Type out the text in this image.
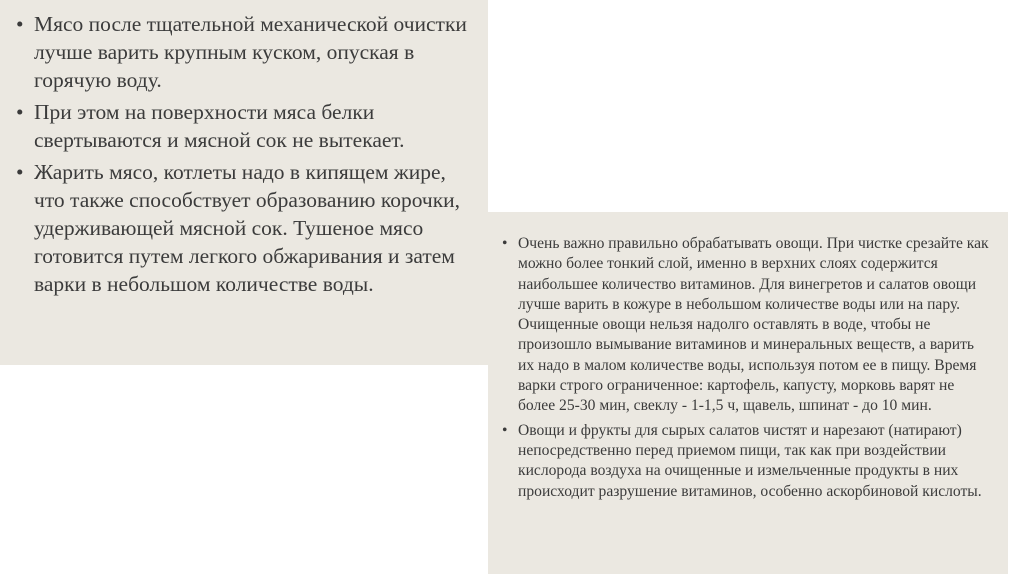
• Мясо после тщательной механической очистки лучше варить крупным куском, опуская в горячую воду.
• При этом на поверхности мяса белки свертываются и мясной сок не вытекает.
• Жарить мясо, котлеты надо в кипящем жире, что также способствует образованию корочки, удерживающей мясной сок. Тушеное мясо готовится путем легкого обжаривания и затем варки в небольшом количестве воды.
• Очень важно правильно обрабатывать овощи. При чистке срезайте как можно более тонкий слой, именно в верхних слоях содержится наибольшее количество витаминов. Для винегретов и салатов овощи лучше варить в кожуре в небольшом количестве воды или на пару. Очищенные овощи нельзя надолго оставлять в воде, чтобы не произошло вымывание витаминов и минеральных веществ, а варить их надо в малом количестве воды, используя потом ее в пищу. Время варки строго ограниченное: картофель, капусту, морковь варят не более 25-30 мин, свеклу - 1-1,5 ч, щавель, шпинат - до 10 мин.
• Овощи и фрукты для сырых салатов чистят и нарезают (натирают) непосредственно перед приемом пищи, так как при воздействии кислорода воздуха на очищенные и измельченные продукты в них происходит разрушение витаминов, особенно аскорбиновой кислоты.
